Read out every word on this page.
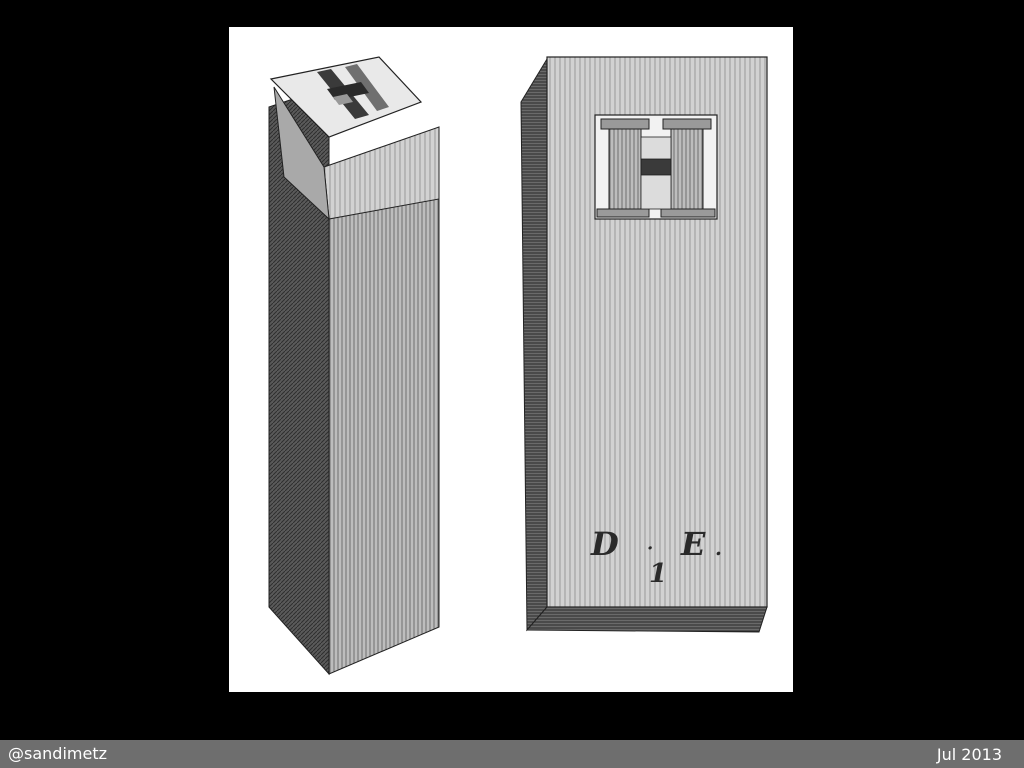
D · E .
1
@sandimetz	Jul 2013
